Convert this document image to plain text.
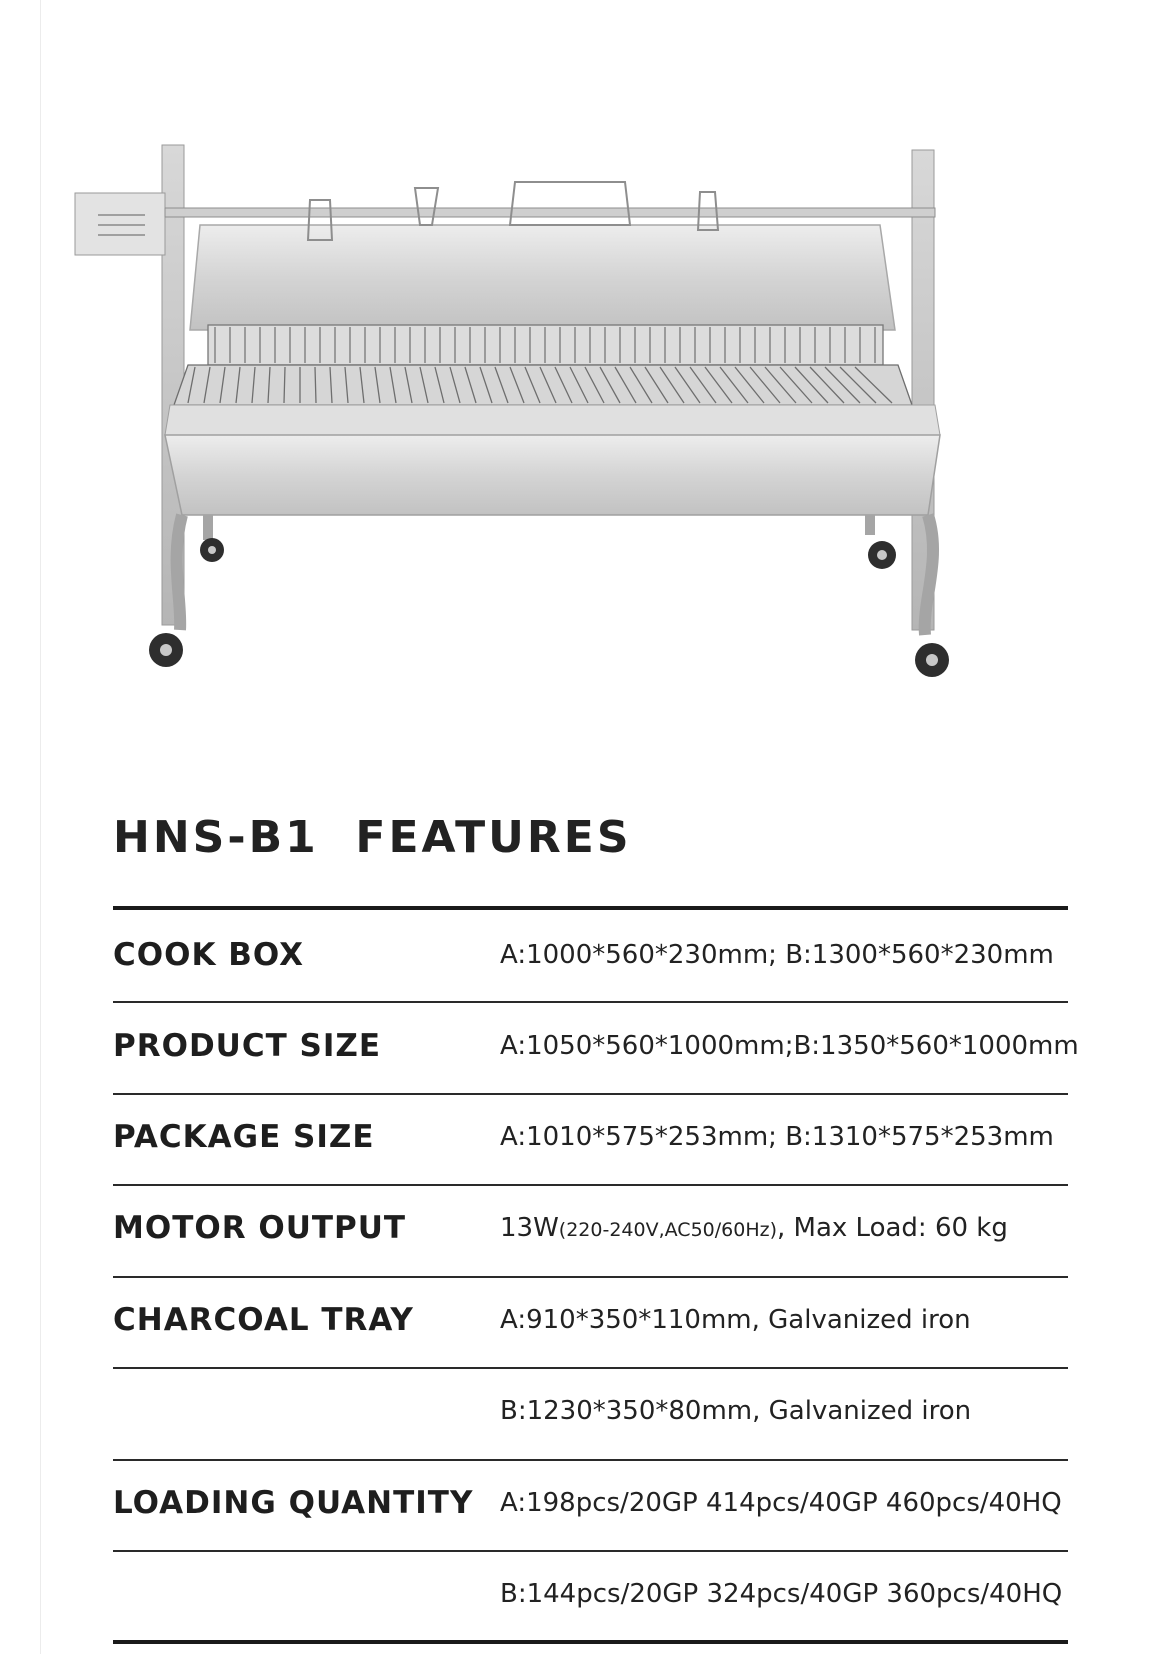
HNS-B1  FEATURES
COOK BOX	A:1000*560*230mm; B:1300*560*230mm
PRODUCT SIZE	A:1050*560*1000mm;B:1350*560*1000mm
PACKAGE SIZE	A:1010*575*253mm; B:1310*575*253mm
MOTOR OUTPUT	13W(220-240V,AC50/60Hz), Max Load: 60 kg
CHARCOAL TRAY	A:910*350*110mm, Galvanized iron
B:1230*350*80mm, Galvanized iron
LOADING QUANTITY A:198pcs/20GP 414pcs/40GP 460pcs/40HQ
B:144pcs/20GP 324pcs/40GP 360pcs/40HQ
